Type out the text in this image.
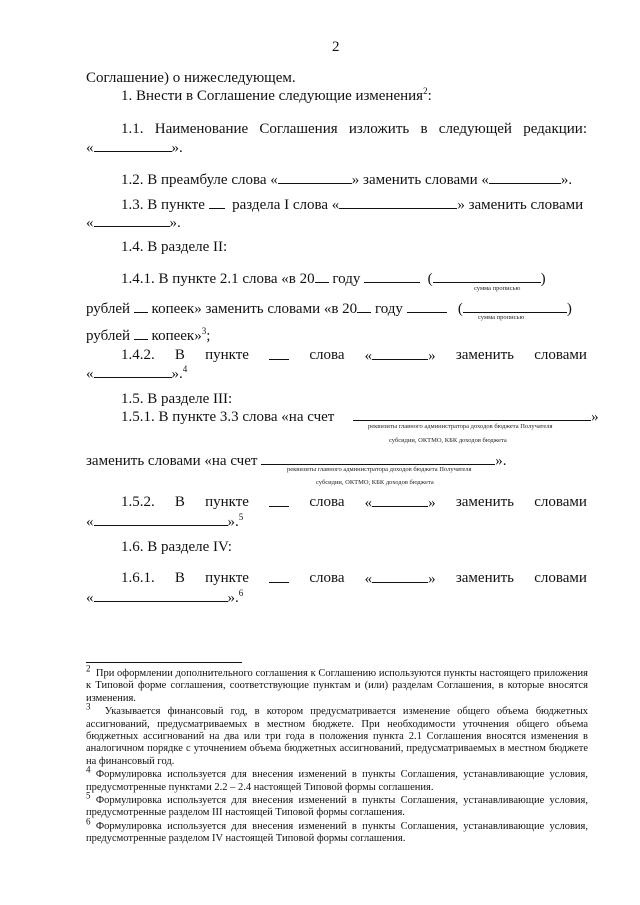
2
Соглашение) о нижеследующем.
1. Внести в Соглашение следующие изменения$^2$:
1.1. Наименование Соглашения изложить в следующей редакции:
«	».
1.2. В преамбуле слова «	» заменить словами «	».
1.3. В пункте раздела I слова «	» заменить словами
«	».
1.4. В разделе II:
1.4.1. В пункте 2.1 слова «в 20 году	(	)
сумма прописью
рублей копеек» заменить словами «в 20 году	(	)
сумма прописью
рублей копеек»$^3$;
1.4.2. В пункте	слова «	» заменить словами
«	».$^4$
1.5. В разделе III:
1.5.1. В пункте 3.3 слова «на счет	»
реквизиты главного администратора доходов бюджета Получателя
субсидии, ОКТМО, КБК доходов бюджета
заменить словами «на счет	».
реквизиты главного администратора доходов бюджета Получателя
субсидии, ОКТМО, КБК доходов бюджета
1.5.2. В пункте	слова «	» заменить словами
«	».$^5$
1.6. В разделе IV:
1.6.1. В пункте	слова «	» заменить словами
«	».$^6$
$^2$ При оформлении дополнительного соглашения к Соглашению используются пункты настоящего приложения к Типовой форме соглашения, соответствующие пунктам и (или) разделам Соглашения, в которые вносятся изменения.
$^3$ Указывается финансовый год, в котором предусматривается изменение общего объема бюджетных ассигнований, предусматриваемых в местном бюджете. При необходимости уточнения общего объема бюджетных ассигнований на два или три года в положения пункта 2.1 Соглашения вносятся изменения в аналогичном порядке с уточнением объема бюджетных ассигнований, предусматриваемых в местном бюджете на финансовый год.
$^4$ Формулировка используется для внесения изменений в пункты Соглашения, устанавливающие условия, предусмотренные пунктами 2.2 – 2.4 настоящей Типовой формы соглашения.
$^5$ Формулировка используется для внесения изменений в пункты Соглашения, устанавливающие условия, предусмотренные разделом III настоящей Типовой формы соглашения.
$^6$ Формулировка используется для внесения изменений в пункты Соглашения, устанавливающие условия, предусмотренные разделом IV настоящей Типовой формы соглашения.
